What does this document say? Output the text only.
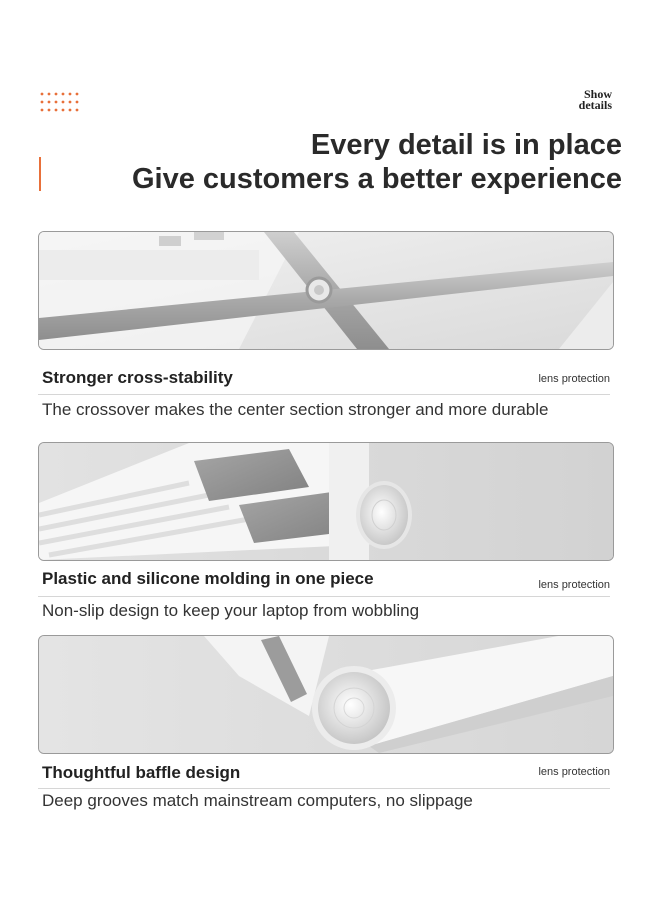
Show
details
Every detail is in place
Give customers a better experience
Stronger cross-stability	lens protection
The crossover makes the center section stronger and more durable
Plastic and silicone molding in one piece	lens protection
Non-slip design to keep your laptop from wobbling
Thoughtful baffle design	lens protection
Deep grooves match mainstream computers, no slippage
